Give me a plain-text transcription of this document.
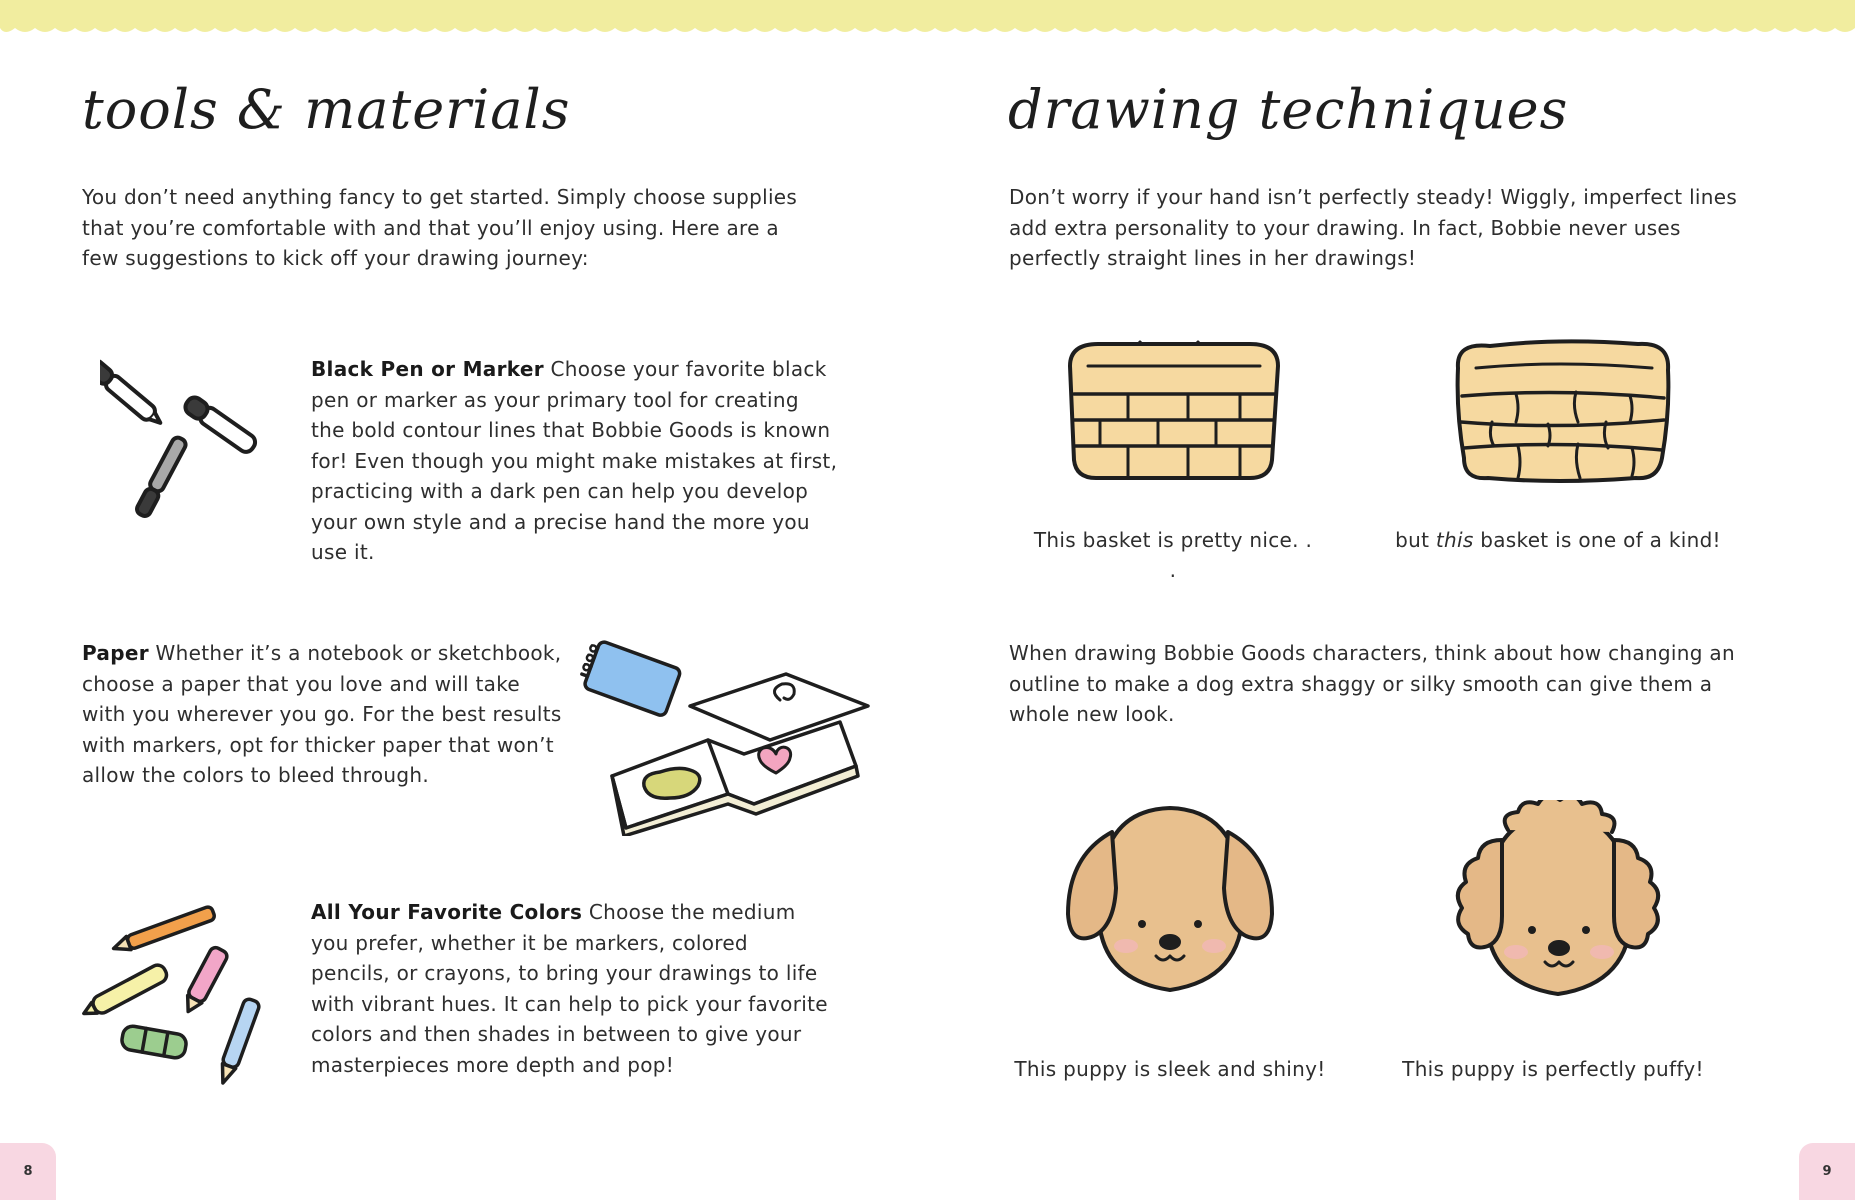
tools & materials

You don’t need anything fancy to get started. Simply choose supplies that you’re comfortable with and that you’ll enjoy using. Here are a few suggestions to kick off your drawing journey:

Black Pen or Marker Choose your favorite black pen or marker as your primary tool for creating the bold contour lines that Bobbie Goods is known for! Even though you might make mistakes at first, practicing with a dark pen can help you develop your own style and a precise hand the more you use it.

Paper Whether it’s a notebook or sketchbook, choose a paper that you love and will take with you wherever you go. For the best results with markers, opt for thicker paper that won’t allow the colors to bleed through.

All Your Favorite Colors Choose the medium you prefer, whether it be markers, colored pencils, or crayons, to bring your drawings to life with vibrant hues. It can help to pick your favorite colors and then shades in between to give your masterpieces more depth and pop!

8
drawing techniques

Don’t worry if your hand isn’t perfectly steady! Wiggly, imperfect lines add extra personality to your drawing. In fact, Bobbie never uses perfectly straight lines in her drawings!

This basket is pretty nice. . .

but this basket is one of a kind!

When drawing Bobbie Goods characters, think about how changing an outline to make a dog extra shaggy or silky smooth can give them a whole new look.

This puppy is sleek and shiny!	This puppy is perfectly puffy!

9
